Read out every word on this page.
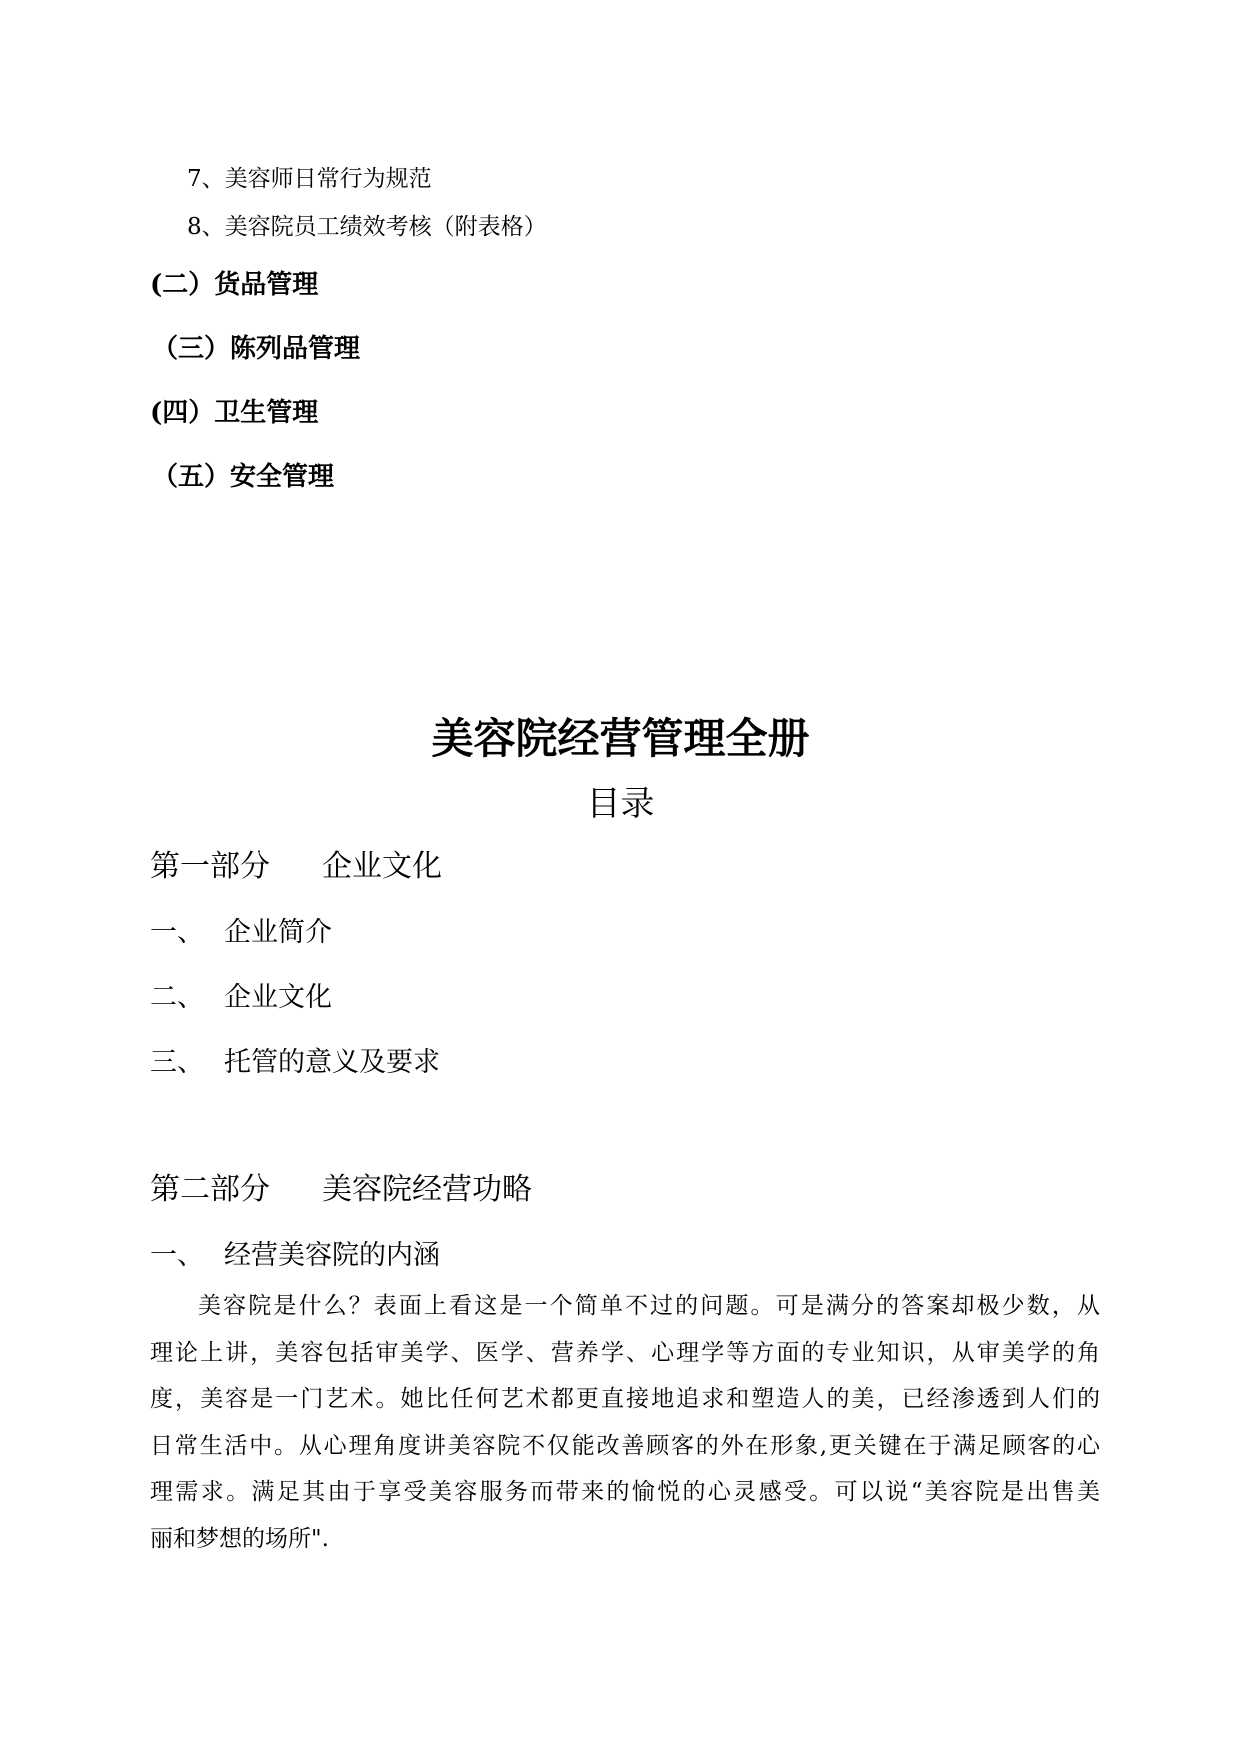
7、美容师日常行为规范
8、美容院员工绩效考核（附表格）
(二）货品管理
（三）陈列品管理
(四）卫生管理
（五）安全管理
美容院经营管理全册
目录
第一部分 企业文化
一、 企业简介
二、 企业文化
三、 托管的意义及要求
第二部分 美容院经营功略
一、 经营美容院的内涵

美容院是什么？表面上看这是一个简单不过的问题。可是满分的答案却极少数，从

理论上讲，美容包括审美学、医学、营养学、心理学等方面的专业知识，从审美学的角

度，美容是一门艺术。她比任何艺术都更直接地追求和塑造人的美，已经渗透到人们的

日常生活中。从心理角度讲美容院不仅能改善顾客的外在形象,更关键在于满足顾客的心

理需求。满足其由于享受美容服务而带来的愉悦的心灵感受。可以说“美容院是出售美

丽和梦想的场所".
